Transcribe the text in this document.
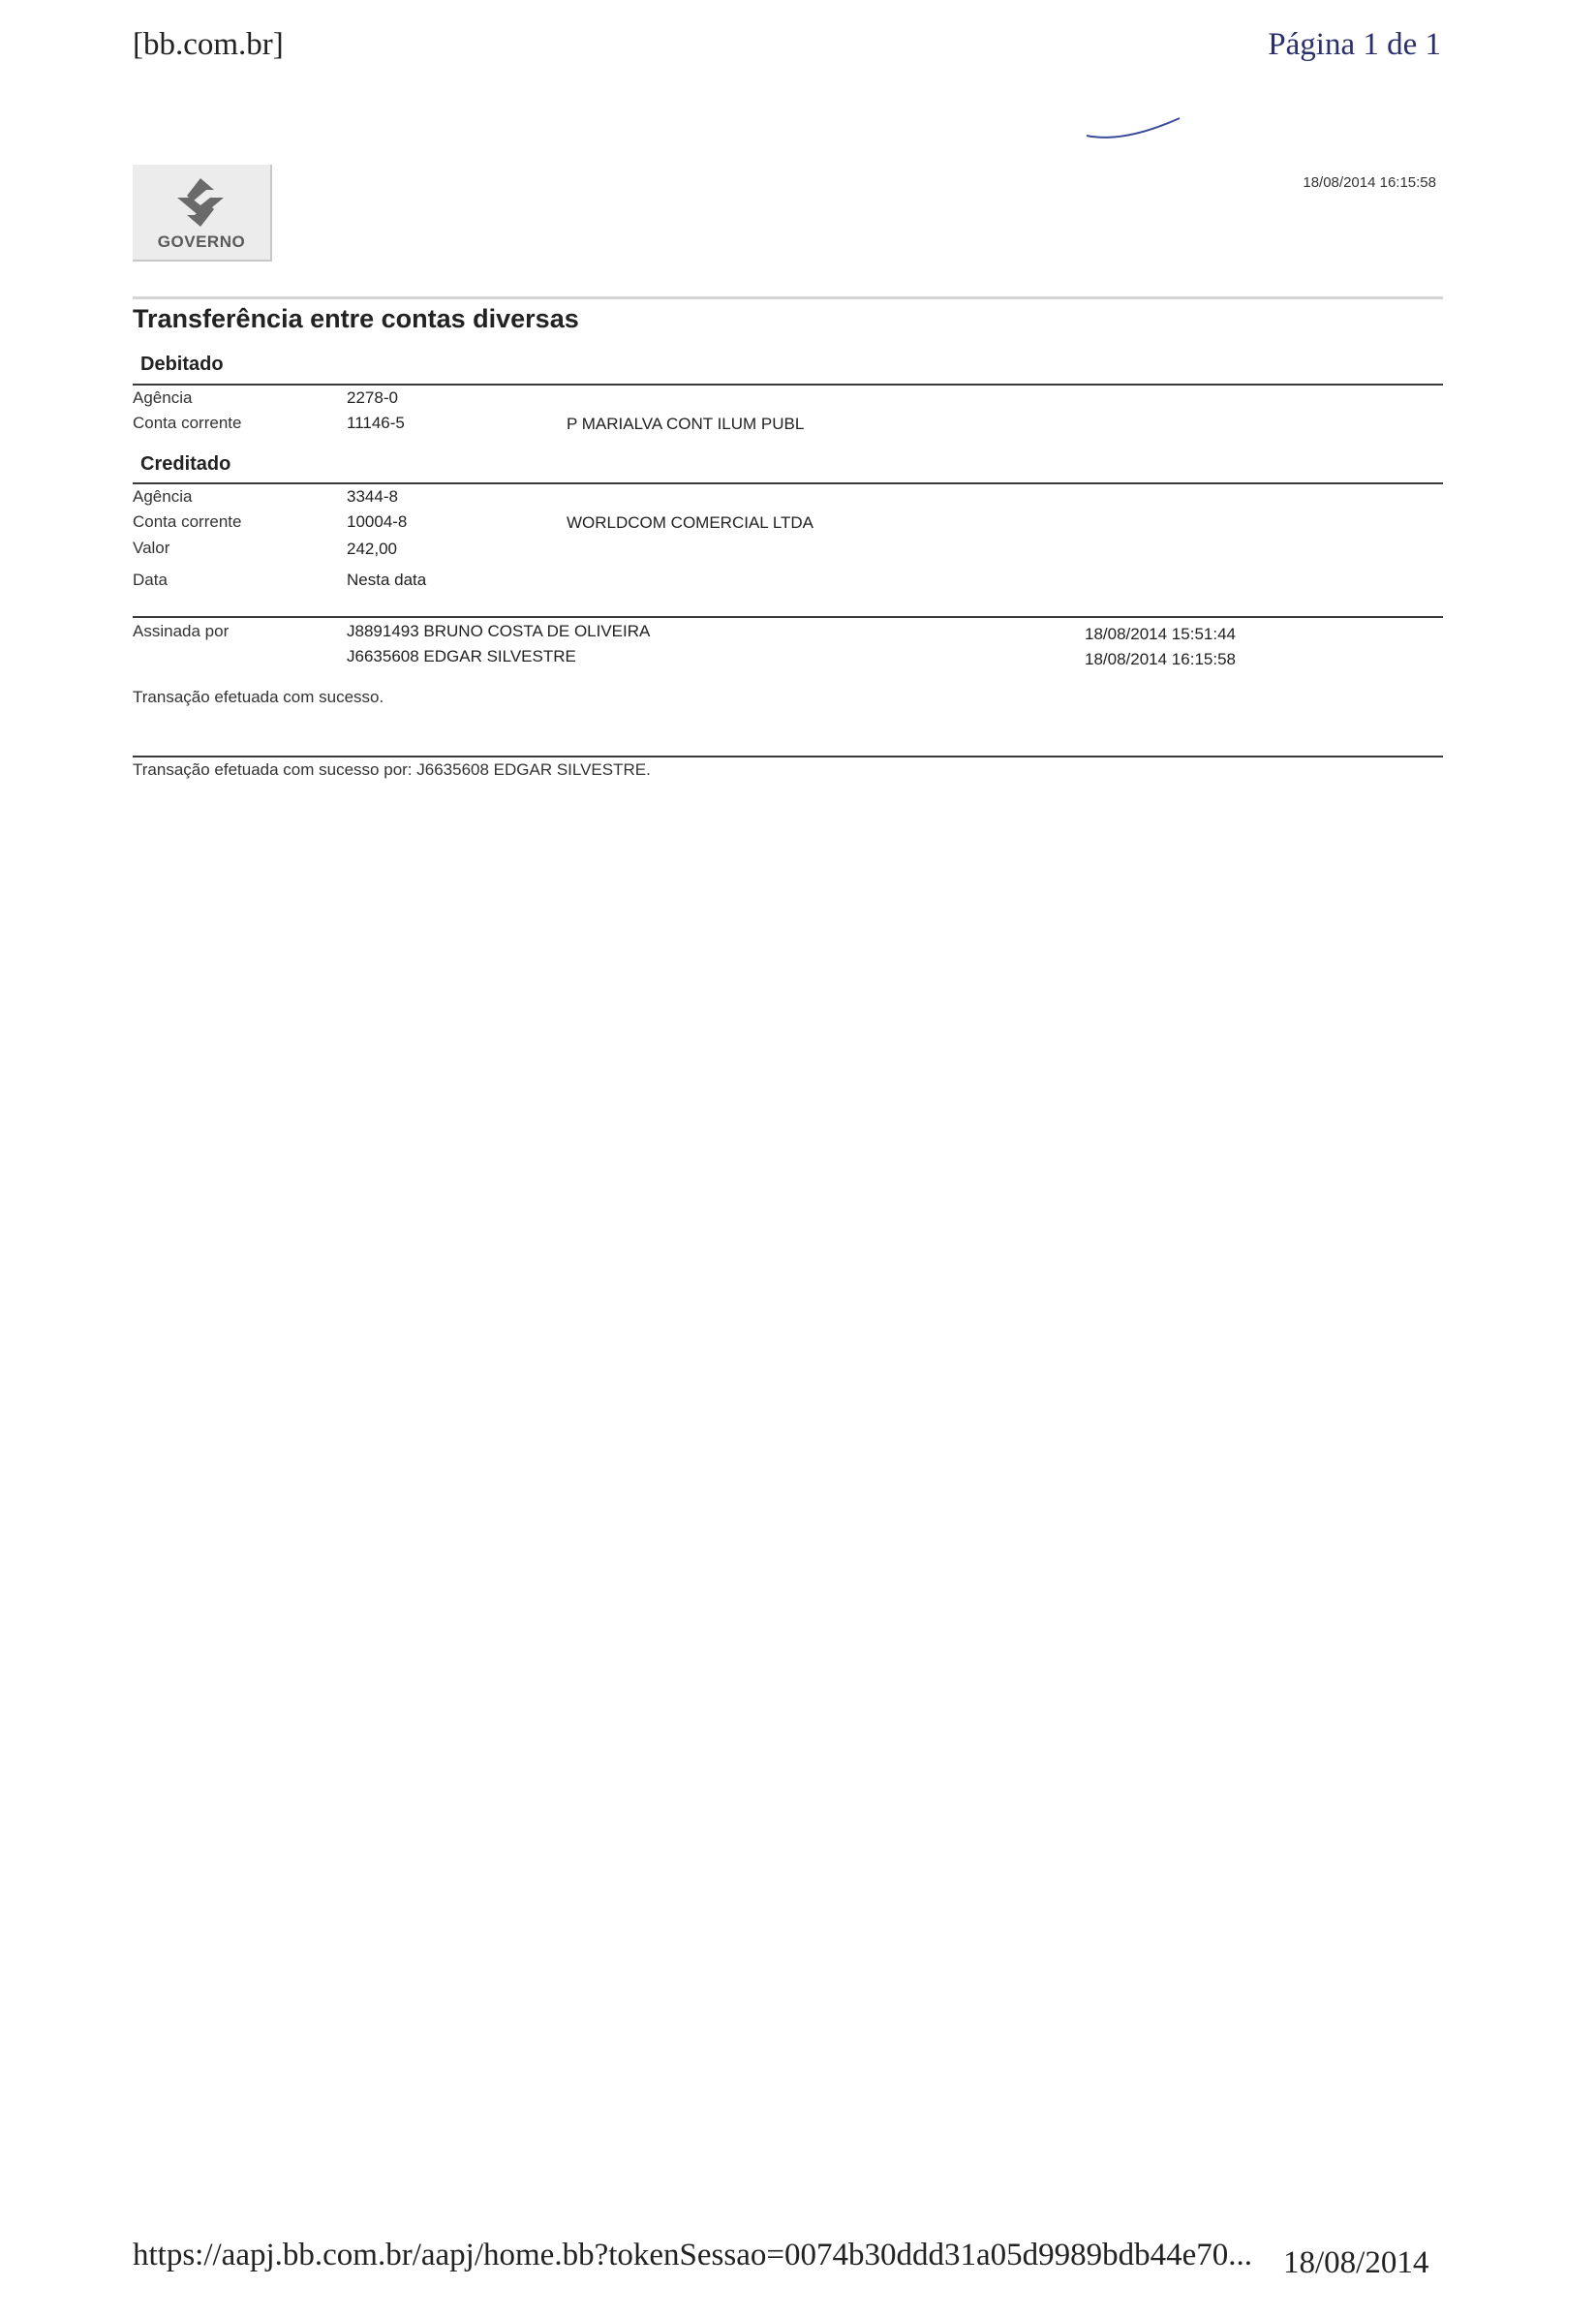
[bb.com.br]	Página 1 de 1
GOVERNO
18/08/2014 16:15:58
Transferência entre contas diversas
Debitado
Agência	2278-0
Conta corrente	11146-5	P MARIALVA CONT ILUM PUBL
Creditado
Agência	3344-8
Conta corrente	10004-8	WORLDCOM COMERCIAL LTDA
Valor	242,00
Data	Nesta data
Assinada por	J8891493 BRUNO COSTA DE OLIVEIRA	18/08/2014 15:51:44
J6635608 EDGAR SILVESTRE	18/08/2014 16:15:58
Transação efetuada com sucesso.
Transação efetuada com sucesso por: J6635608 EDGAR SILVESTRE.
https://aapj.bb.com.br/aapj/home.bb?tokenSessao=0074b30ddd31a05d9989bdb44e70... 18/08/2014
